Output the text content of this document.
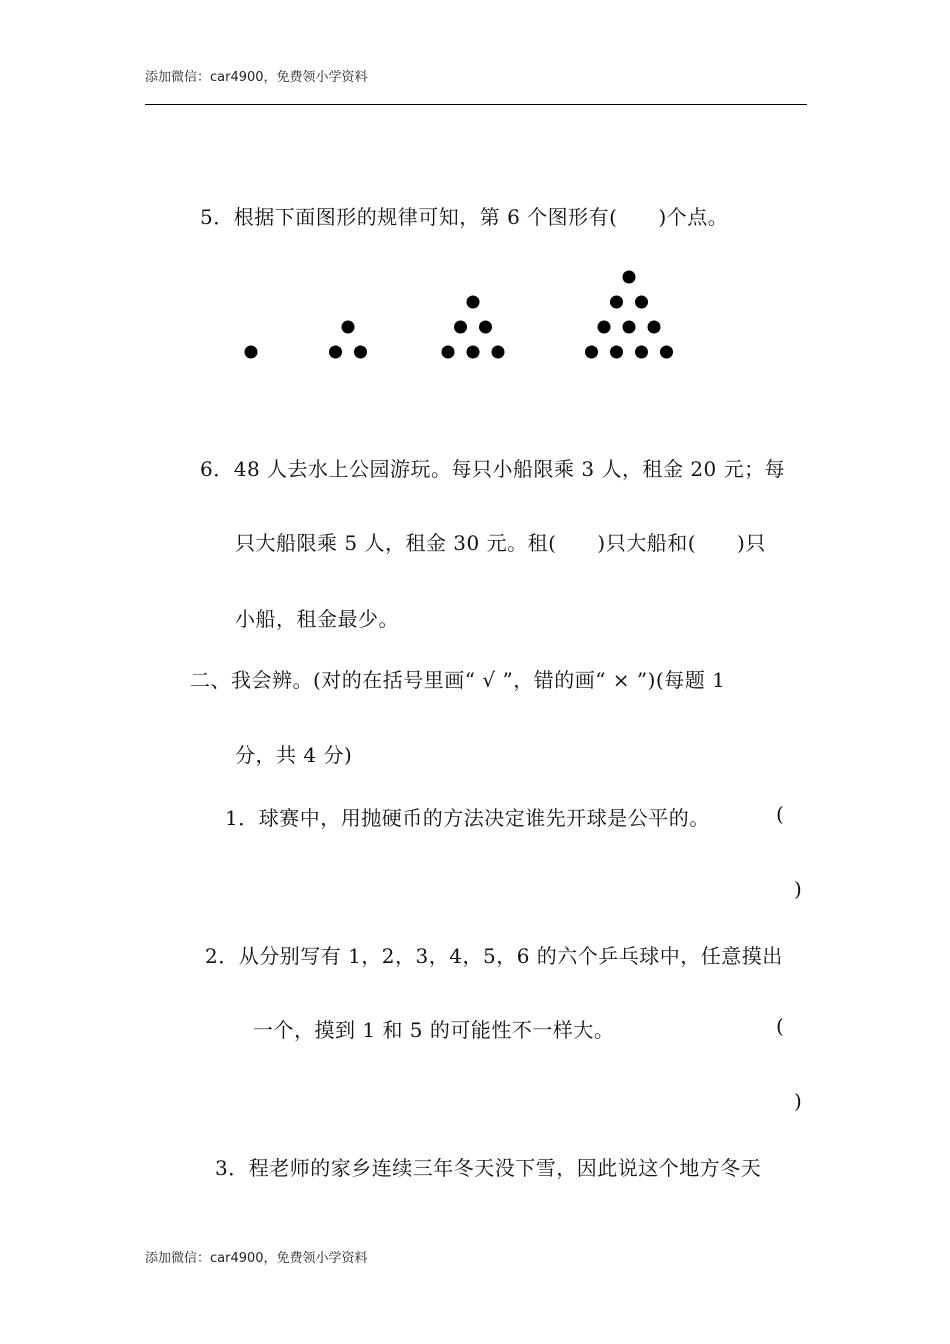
添加微信：car4900，免费领小学资料
5．根据下面图形的规律可知，第 6 个图形有(　　)个点。
6．48 人去水上公园游玩。每只小船限乘 3 人，租金 20 元；每
只大船限乘 5 人，租金 30 元。租(　　)只大船和(　　)只
小船，租金最少。
二、我会辨。(对的在括号里画“ √ ”，错的画“ × ”)(每题 1
分，共 4 分)
1．球赛中，用抛硬币的方法决定谁先开球是公平的。	(
)
2．从分别写有 1，2，3，4，5，6 的六个乒乓球中，任意摸出
一个，摸到 1 和 5 的可能性不一样大。	(
)
3．程老师的家乡连续三年冬天没下雪，因此说这个地方冬天
添加微信：car4900，免费领小学资料
